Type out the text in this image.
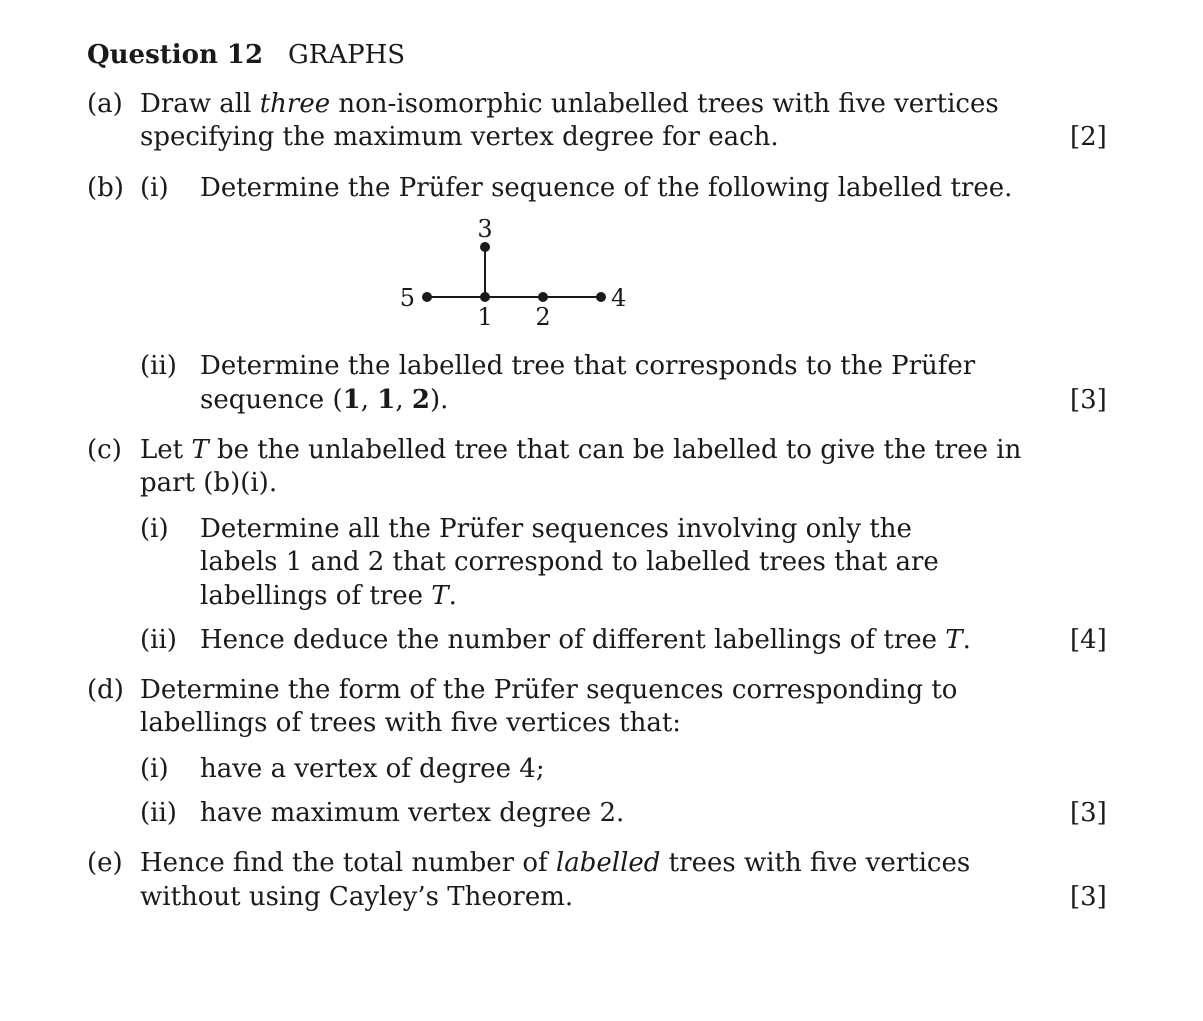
Question 12 GRAPHS
(a) Draw all three non-isomorphic unlabelled trees with five vertices
specifying the maximum vertex degree for each.	[2]
(b) (i) Determine the Prüfer sequence of the following labelled tree.
3
5
1 2
4
(ii) Determine the labelled tree that corresponds to the Prüfer
sequence (1, 1, 2).	[3]
(c) Let T be the unlabelled tree that can be labelled to give the tree in
part (b)(i).
(i) Determine all the Prüfer sequences involving only the
labels 1 and 2 that correspond to labelled trees that are
labellings of tree T.
(ii) Hence deduce the number of different labellings of tree T.	[4]
(d) Determine the form of the Prüfer sequences corresponding to
labellings of trees with five vertices that:
(i) have a vertex of degree 4;
(ii) have maximum vertex degree 2.	[3]
(e) Hence find the total number of labelled trees with five vertices
without using Cayley’s Theorem.	[3]
